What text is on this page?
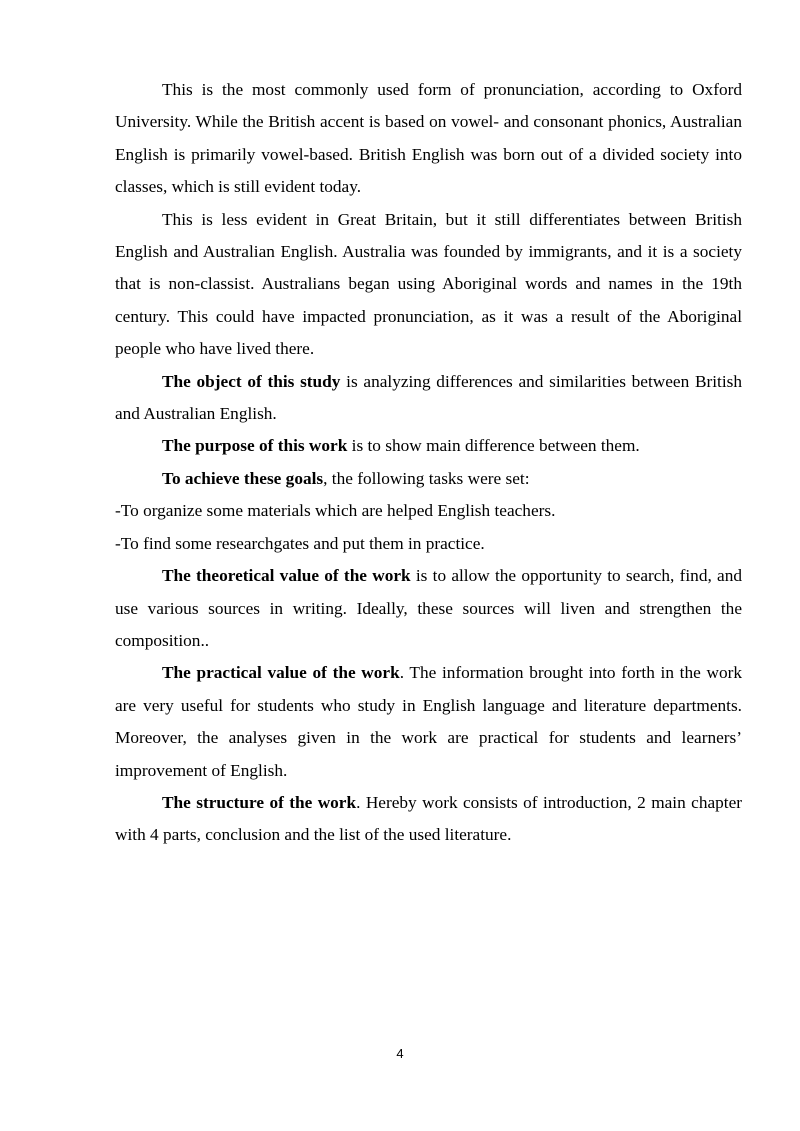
This is the most commonly used form of pronunciation, according to Oxford University. While the British accent is based on vowel- and consonant phonics, Australian English is primarily vowel-based. British English was born out of a divided society into classes, which is still evident today.

This is less evident in Great Britain, but it still differentiates between British English and Australian English. Australia was founded by immigrants, and it is a society that is non-classist. Australians began using Aboriginal words and names in the 19th century. This could have impacted pronunciation, as it was a result of the Aboriginal people who have lived there.

The object of this study is analyzing differences and similarities between British and Australian English.

The purpose of this work is to show main difference between them.

To achieve these goals, the following tasks were set:

-To organize some materials which are helped English teachers.

-To find some researchgates and put them in practice.

The theoretical value of the work is to allow the opportunity to search, find, and use various sources in writing. Ideally, these sources will liven and strengthen the composition..

The practical value of the work. The information brought into forth in the work are very useful for students who study in English language and literature departments. Moreover, the analyses given in the work are practical for students and learners’ improvement of English.

The structure of the work. Hereby work consists of introduction, 2 main chapter with 4 parts, conclusion and the list of the used literature.

4
